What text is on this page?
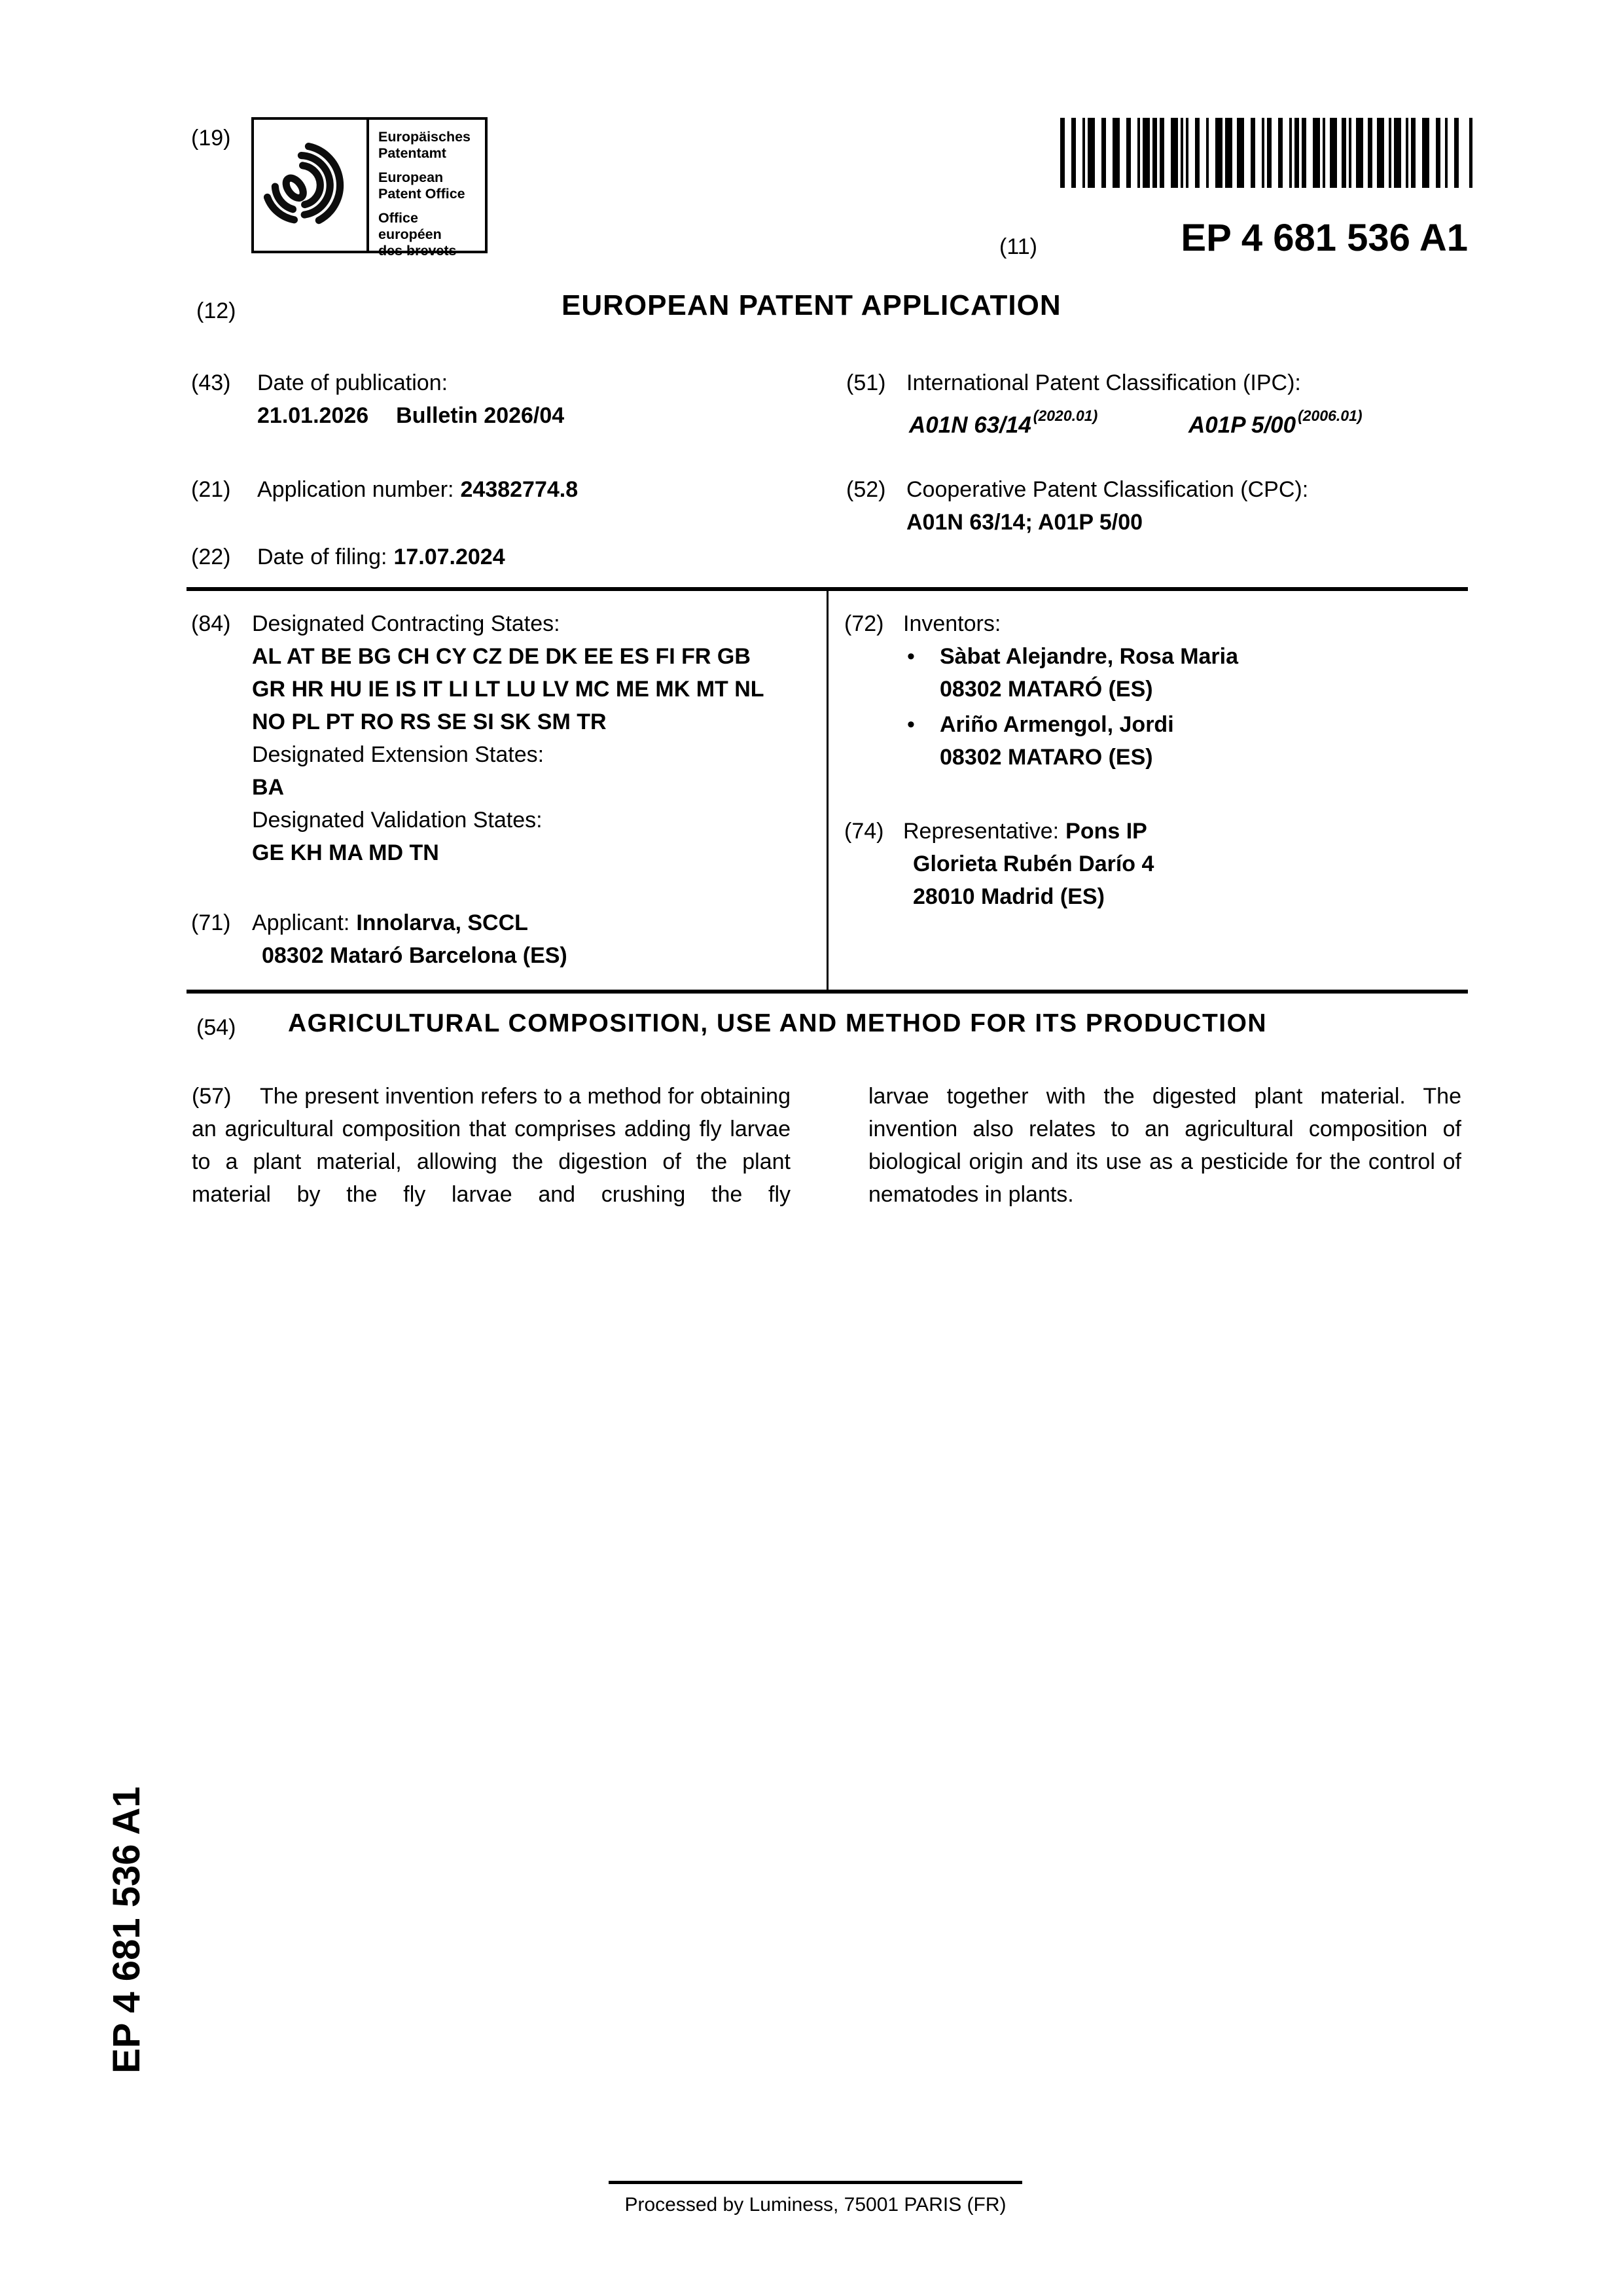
(19)	Europäisches
Patentamt
European
Patent Office
Office européen
des brevets	(11)	EP 4 681 536 A1
(12)	EUROPEAN PATENT APPLICATION
(43) Date of publication:
21.01.2026 Bulletin 2026/04
(21) Application number: 24382774.8
(22) Date of filing: 17.07.2024
(51) International Patent Classification (IPC):
A01N 63/14 $^{(2020.01)}$	A01P 5/00 $^{(2006.01)}$
(52) Cooperative Patent Classification (CPC):
A01N 63/14; A01P 5/00
(84) Designated Contracting States:
AL AT BE BG CH CY CZ DE DK EE ES FI FR GB
GR HR HU IE IS IT LI LT LU LV MC ME MK MT NL
NO PL PT RO RS SE SI SK SM TR
Designated Extension States:
BA
Designated Validation States:
GE KH MA MD TN
(71) Applicant: Innolarva, SCCL
08302 Mataró Barcelona (ES)
(72) Inventors:
• Sàbat Alejandre, Rosa Maria
08302 MATARÓ (ES)
• Ariño Armengol, Jordi
08302 MATARO (ES)
(74) Representative: Pons IP
Glorieta Rubén Darío 4
28010 Madrid (ES)
(54) AGRICULTURAL COMPOSITION, USE AND METHOD FOR ITS PRODUCTION
(57) The present invention refers to a method for obtaining an agricultural composition that comprises adding fly larvae to a plant material, allowing the digestion of the plant material by the fly larvae and crushing the fly
larvae together with the digested plant material. The invention also relates to an agricultural composition of biological origin and its use as a pesticide for the control of nematodes in plants.
EP 4 681 536 A1
Processed by Luminess, 75001 PARIS (FR)
